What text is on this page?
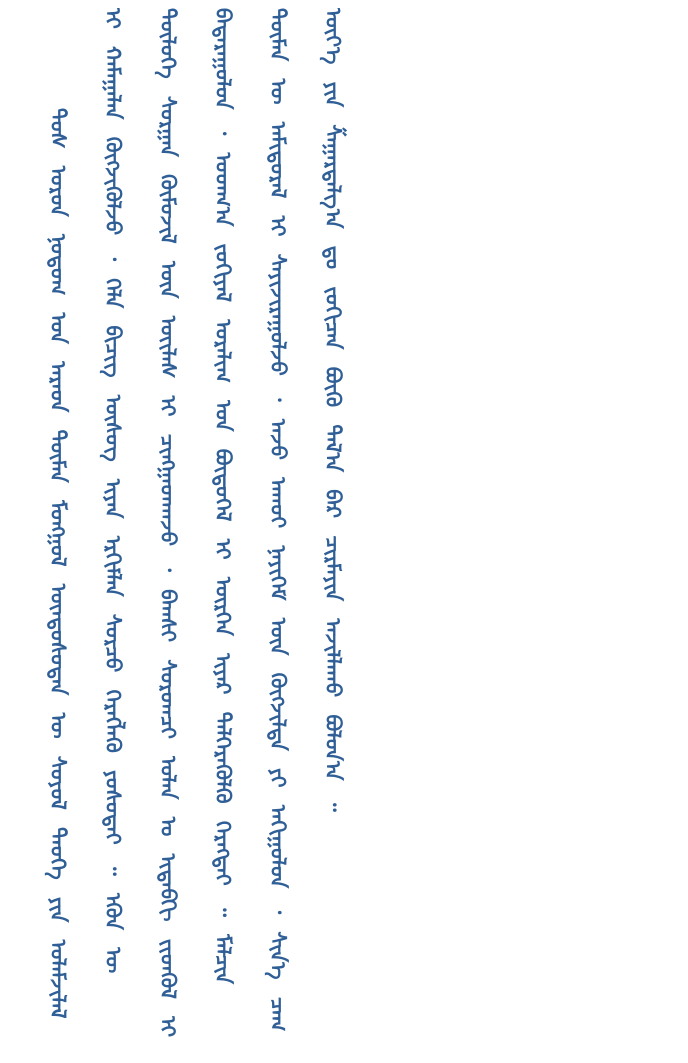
ᠲᠤᠰ ᠣᠷᠣᠨ ᠨᠤᠲᠤᠭ ᠤᠨ ᠠᠷᠠᠳ ᠲᠦᠮᠡᠨ ᠮᠣᠩᠭᠣᠯ ᠦᠨᠳᠦᠰᠦᠲᠡᠨ ᠦ ᠰᠤᠶᠤᠯ ᠲᠡᠦᠬᠡ ᠶᠢᠨ ᠤᠯᠠᠮᠵᠢᠯᠠᠯ ᠢ ᠬᠠᠮᠠᠭᠠᠯᠠᠨ ᠬᠥᠭᠵᠢᠭᠦᠯᠵᠦ ᠂ ᠬᠡᠯᠡ ᠪᠢᠴᠢᠭ ᠦᠰᠦᠭ ᠢᠶᠡᠨ ᠡᠷᠬᠢᠮᠯᠡᠨ ᠰᠤᠷᠴᠤ ᠬᠡᠷᠡᠭᠯᠡᠬᠦ ᠶᠣᠰᠣᠲᠠᠢ ᠃ ᠡᠭᠦᠨ ᠦ ᠲᠥᠯᠥᠭᠡ ᠰᠤᠷᠭᠠᠨ ᠬᠥᠮᠦᠵᠢᠯ ᠦᠨ ᠦᠢᠯᠡᠰ ᠢ ᠴᠢᠩᠭᠠᠳᠬᠠᠵᠤ ᠂ ᠪᠠᠭᠰᠢ ᠰᠤᠷᠤᠭᠴᠢ ᠣᠯᠠᠨ ᠤ ᠢᠳᠡᠪᠬᠢ ᠵᠢᠳᠬᠦᠯ ᠢ ᠪᠠᠳᠠᠷᠠᠭᠤᠯᠤᠨ ᠂ ᠤᠳᠬ᠎ᠠ ᠵᠣᠬᠢᠶᠠᠯ ᠤᠷᠠᠯᠢᠭ ᠤᠨ ᠪᠦᠲᠦᠭᠡᠯ ᠢ ᠥᠷᠭᠡᠨ ᠢᠶᠡᠷ ᠳᠡᠯᠭᠡᠷᠡᠭᠦᠯᠬᠦ ᠬᠡᠷᠡᠭᠲᠡᠢ ᠃ ᠮᠠᠯᠴᠢᠨ ᠲᠦᠮᠡᠨ ᠦ ᠠᠮᠢᠳᠤᠷᠠᠯ ᠢ ᠰᠠᠶᠢᠵᠢᠷᠠᠭᠤᠯᠵᠤ ᠂ ᠠᠵᠤ ᠠᠬᠤᠢ ᠨᠡᠶᠢᠭᠡᠮ ᠦᠨ ᠬᠥᠭᠵᠢᠯᠲᠡ ᠶᠢ ᠠᠬᠢᠭᠤᠯᠤᠨ ᠂ ᠰᠢᠨ᠎ᠡ ᠴᠠᠭ ᠦᠶ᠎ᠡ ᠶᠢᠨ ᠱᠠᠭᠠᠷᠳᠠᠯᠭ᠎ᠠ ᠳᠤ ᠵᠣᠬᠢᠴᠠᠨ ᠪᠦᠬᠦ ᠲᠠᠯ᠎ᠠ ᠪᠠᠷ ᠴᠢᠷᠮᠠᠶᠢᠨ ᠠᠵᠢᠯᠯᠠᠬᠤ ᠪᠣᠯᠤᠨ᠎ᠠ ᠃
